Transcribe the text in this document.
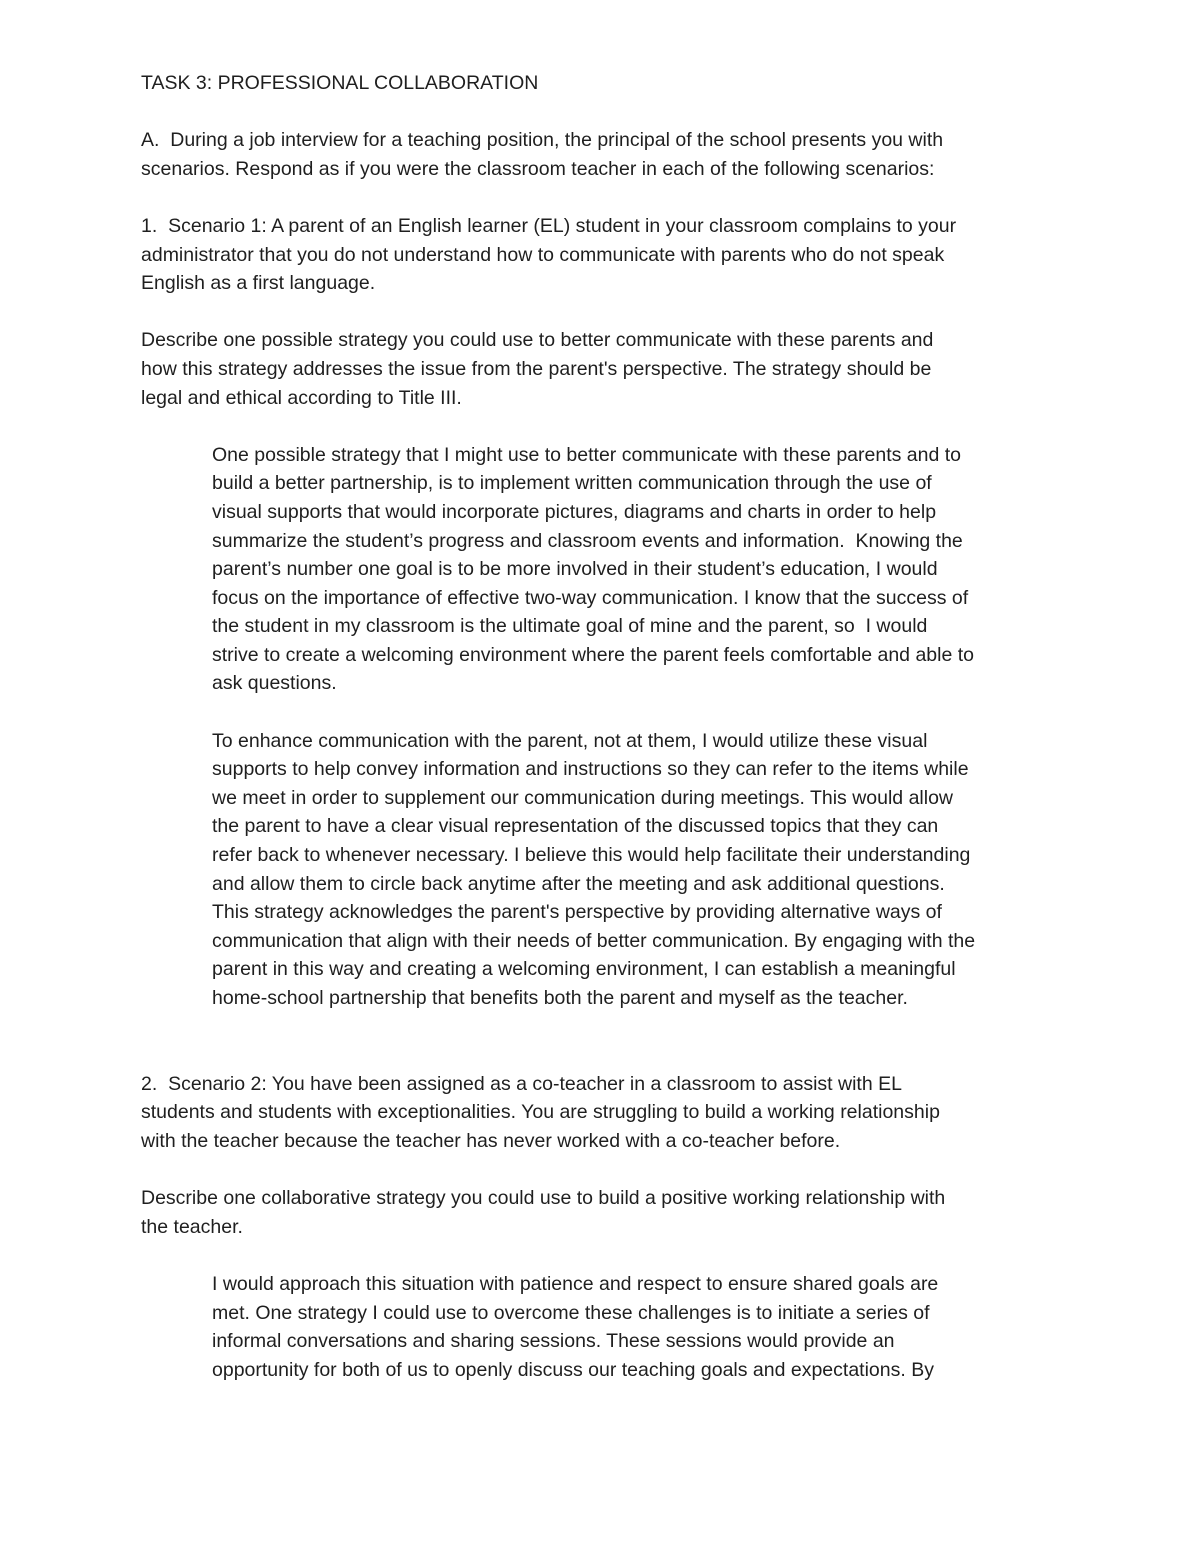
TASK 3: PROFESSIONAL COLLABORATION
A.  During a job interview for a teaching position, the principal of the school presents you with
scenarios. Respond as if you were the classroom teacher in each of the following scenarios:
1.  Scenario 1: A parent of an English learner (EL) student in your classroom complains to your
administrator that you do not understand how to communicate with parents who do not speak
English as a first language.
Describe one possible strategy you could use to better communicate with these parents and
how this strategy addresses the issue from the parent's perspective. The strategy should be
legal and ethical according to Title III.
One possible strategy that I might use to better communicate with these parents and to
build a better partnership, is to implement written communication through the use of
visual supports that would incorporate pictures, diagrams and charts in order to help
summarize the student’s progress and classroom events and information.  Knowing the
parent’s number one goal is to be more involved in their student’s education, I would
focus on the importance of effective two-way communication. I know that the success of
the student in my classroom is the ultimate goal of mine and the parent, so  I would
strive to create a welcoming environment where the parent feels comfortable and able to
ask questions.
To enhance communication with the parent, not at them, I would utilize these visual
supports to help convey information and instructions so they can refer to the items while
we meet in order to supplement our communication during meetings. This would allow
the parent to have a clear visual representation of the discussed topics that they can
refer back to whenever necessary. I believe this would help facilitate their understanding
and allow them to circle back anytime after the meeting and ask additional questions.
This strategy acknowledges the parent's perspective by providing alternative ways of
communication that align with their needs of better communication. By engaging with the
parent in this way and creating a welcoming environment, I can establish a meaningful
home-school partnership that benefits both the parent and myself as the teacher.
2.  Scenario 2: You have been assigned as a co-teacher in a classroom to assist with EL
students and students with exceptionalities. You are struggling to build a working relationship
with the teacher because the teacher has never worked with a co-teacher before.
Describe one collaborative strategy you could use to build a positive working relationship with
the teacher.
I would approach this situation with patience and respect to ensure shared goals are
met. One strategy I could use to overcome these challenges is to initiate a series of
informal conversations and sharing sessions. These sessions would provide an
opportunity for both of us to openly discuss our teaching goals and expectations. By
